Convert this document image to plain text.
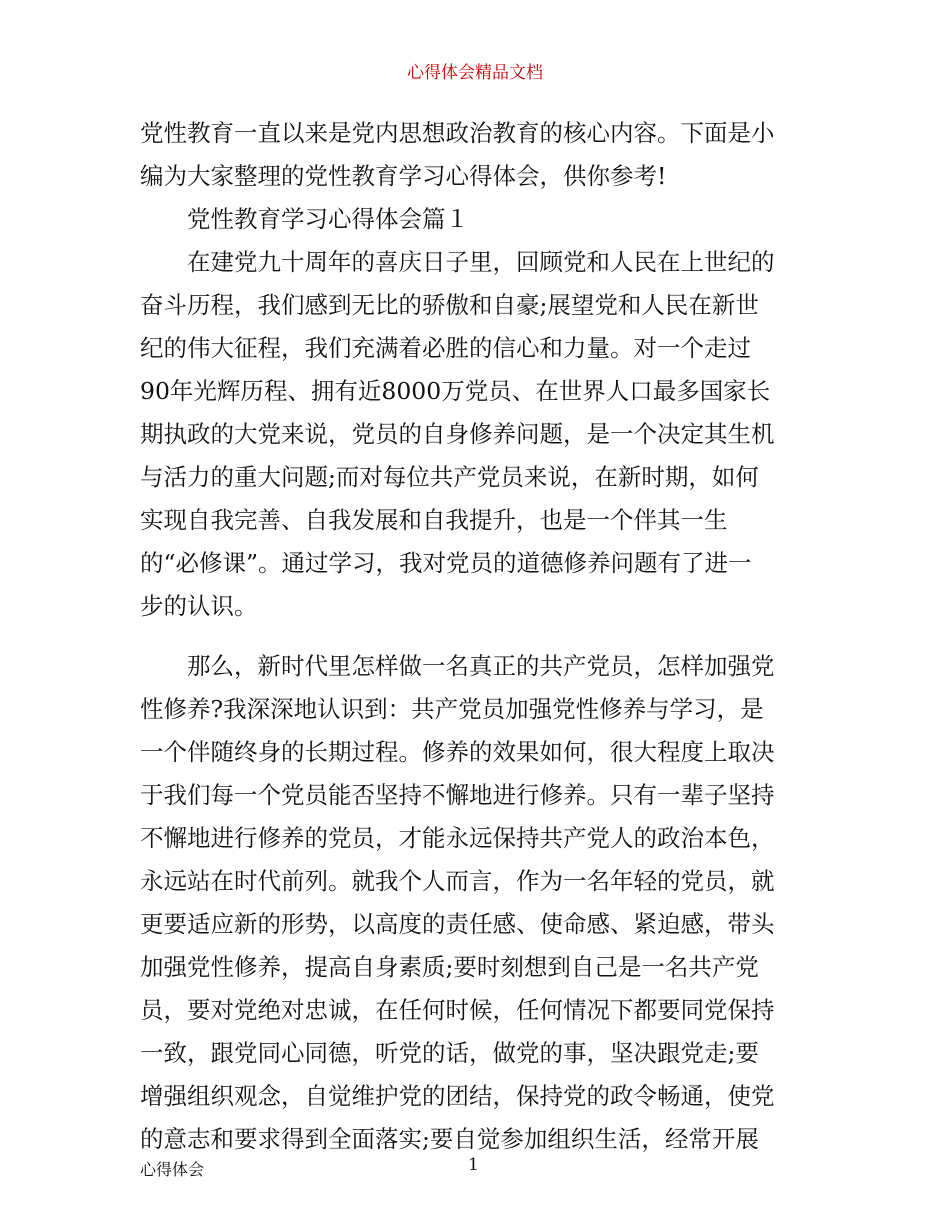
心得体会精品文档
党性教育一直以来是党内思想政治教育的核心内容。下面是小
编为大家整理的党性教育学习心得体会，供你参考!
　　党性教育学习心得体会篇１
　　在建党九十周年的喜庆日子里，回顾党和人民在上世纪的
奋斗历程，我们感到无比的骄傲和自豪;展望党和人民在新世
纪的伟大征程，我们充满着必胜的信心和力量。对一个走过
90年光辉历程、拥有近8000万党员、在世界人口最多国家长
期执政的大党来说，党员的自身修养问题，是一个决定其生机
与活力的重大问题;而对每位共产党员来说，在新时期，如何
实现自我完善、自我发展和自我提升，也是一个伴其一生
的“必修课”。通过学习，我对党员的道德修养问题有了进一
步的认识。
　　那么，新时代里怎样做一名真正的共产党员，怎样加强党
性修养?我深深地认识到：共产党员加强党性修养与学习，是
一个伴随终身的长期过程。修养的效果如何，很大程度上取决
于我们每一个党员能否坚持不懈地进行修养。只有一辈子坚持
不懈地进行修养的党员，才能永远保持共产党人的政治本色，
永远站在时代前列。就我个人而言，作为一名年轻的党员，就
更要适应新的形势，以高度的责任感、使命感、紧迫感，带头
加强党性修养，提高自身素质;要时刻想到自己是一名共产党
员，要对党绝对忠诚，在任何时候，任何情况下都要同党保持
一致，跟党同心同德，听党的话，做党的事，坚决跟党走;要
增强组织观念，自觉维护党的团结，保持党的政令畅通，使党
的意志和要求得到全面落实;要自觉参加组织生活，经常开展
心得体会	1
